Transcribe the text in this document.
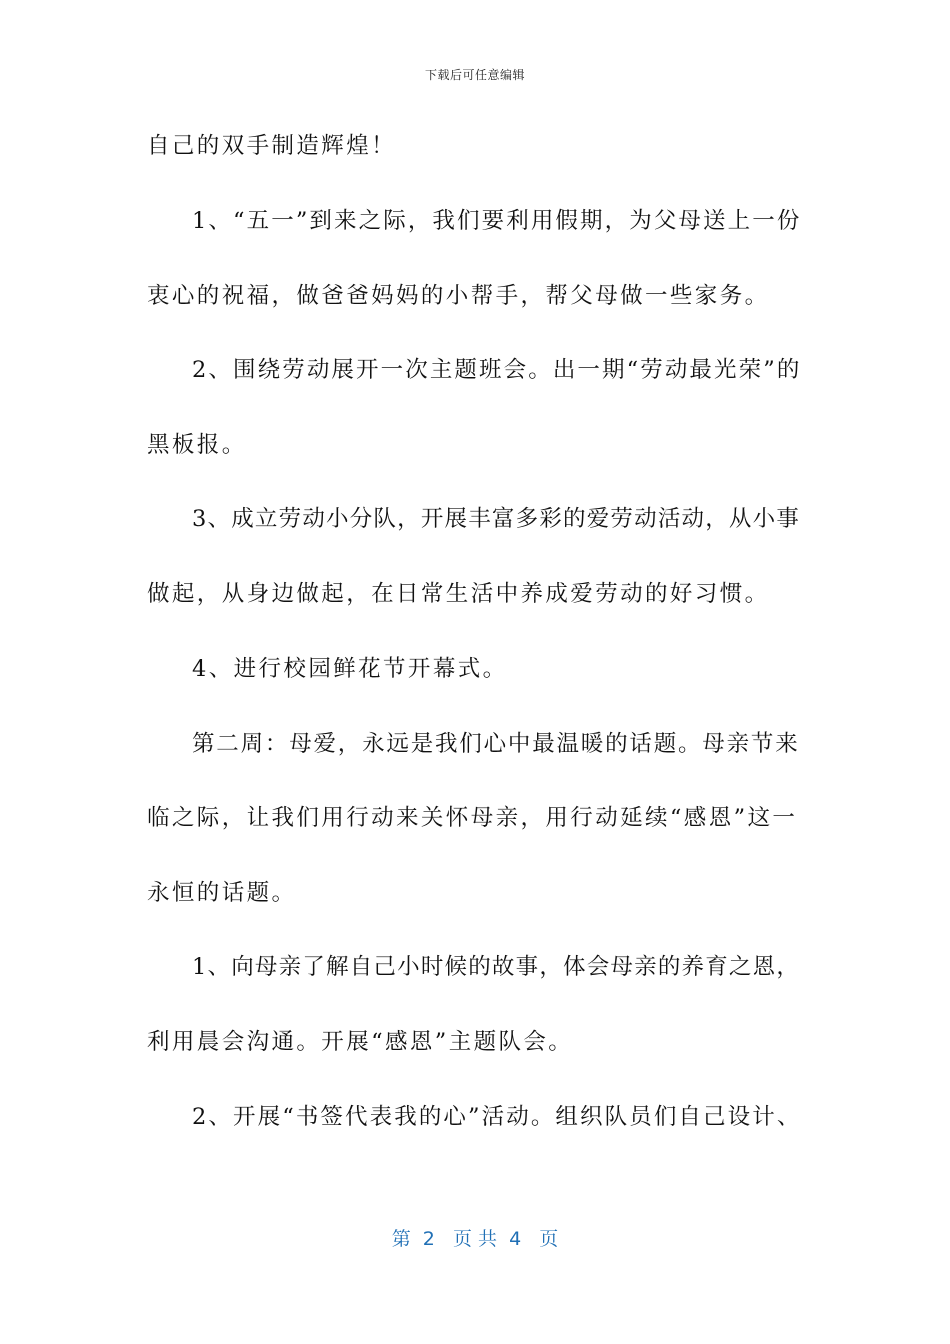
下载后可任意编辑
自己的双手制造辉煌！
1、“五一”到来之际，我们要利用假期，为父母送上一份
衷心的祝福，做爸爸妈妈的小帮手，帮父母做一些家务。
2、围绕劳动展开一次主题班会。出一期“劳动最光荣”的
黑板报。
3、成立劳动小分队，开展丰富多彩的爱劳动活动，从小事
做起，从身边做起，在日常生活中养成爱劳动的好习惯。
4、进行校园鲜花节开幕式。
第二周：母爱，永远是我们心中最温暖的话题。母亲节来
临之际，让我们用行动来关怀母亲，用行动延续“感恩”这一
永恒的话题。
1、向母亲了解自己小时候的故事，体会母亲的养育之恩，
利用晨会沟通。开展“感恩”主题队会。
2、开展“书签代表我的心”活动。组织队员们自己设计、
第  2   页 共  4   页
